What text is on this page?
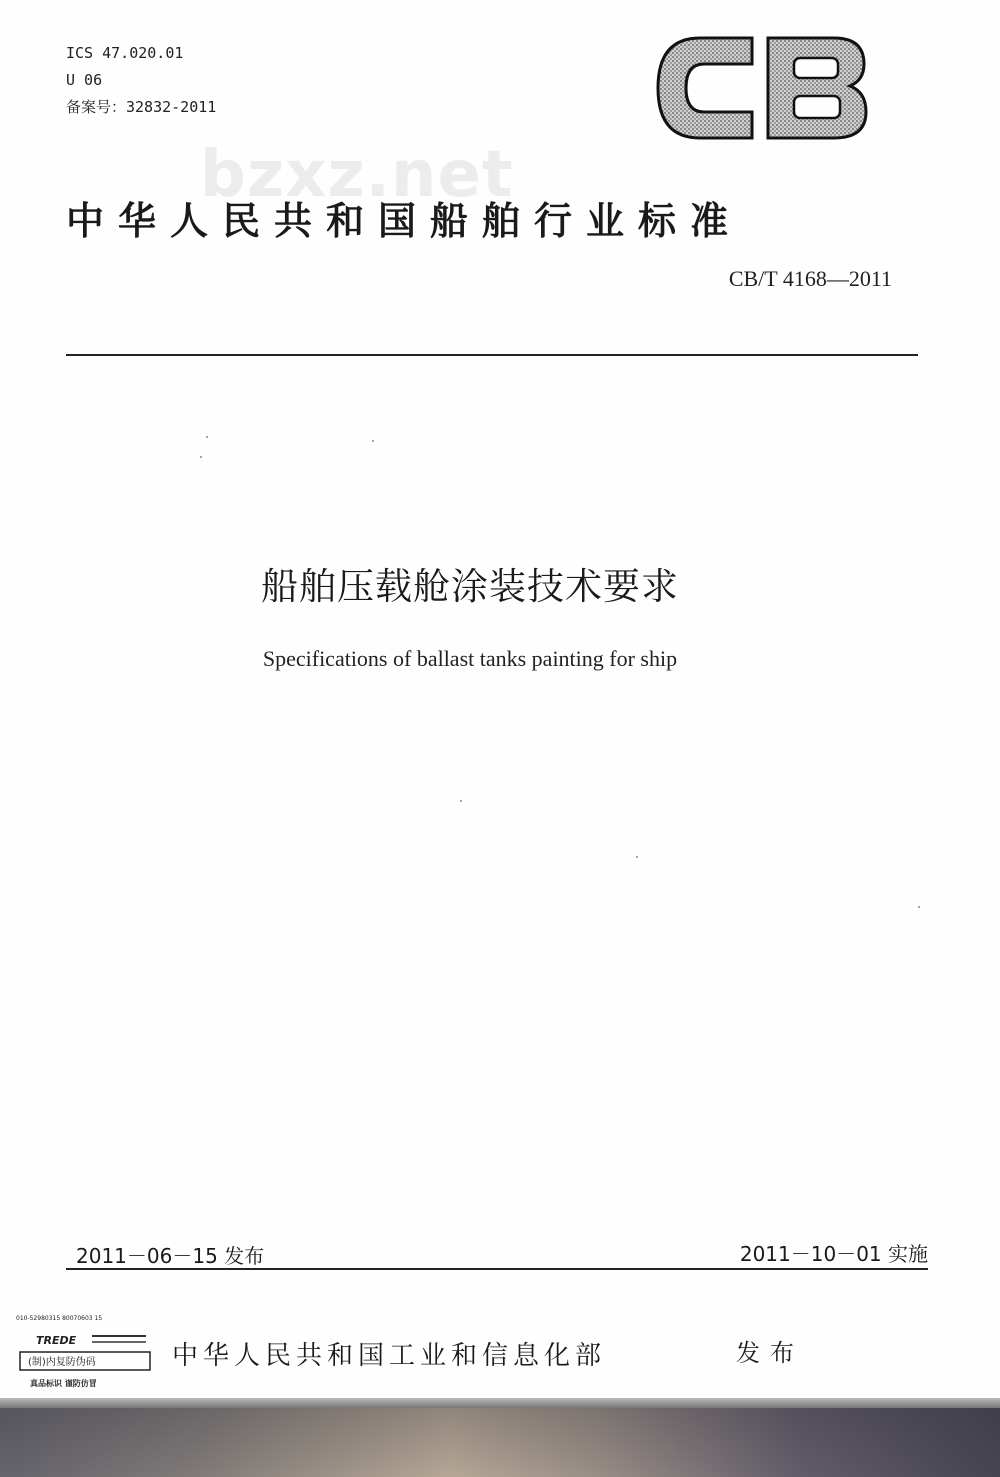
ICS 47.020.01
U 06
备案号：32832-2011
bzxz.net
中华人民共和国船舶行业标准
CB/T 4168—2011
船舶压载舱涂装技术要求
Specifications of ballast tanks painting for ship
2011－06－15 发布	2011－10－01 实施
010-52980315 80070603 15
TREDE
(制)内复防伪码
真品标识 谨防仿冒
中华人民共和国工业和信息化部	发布
